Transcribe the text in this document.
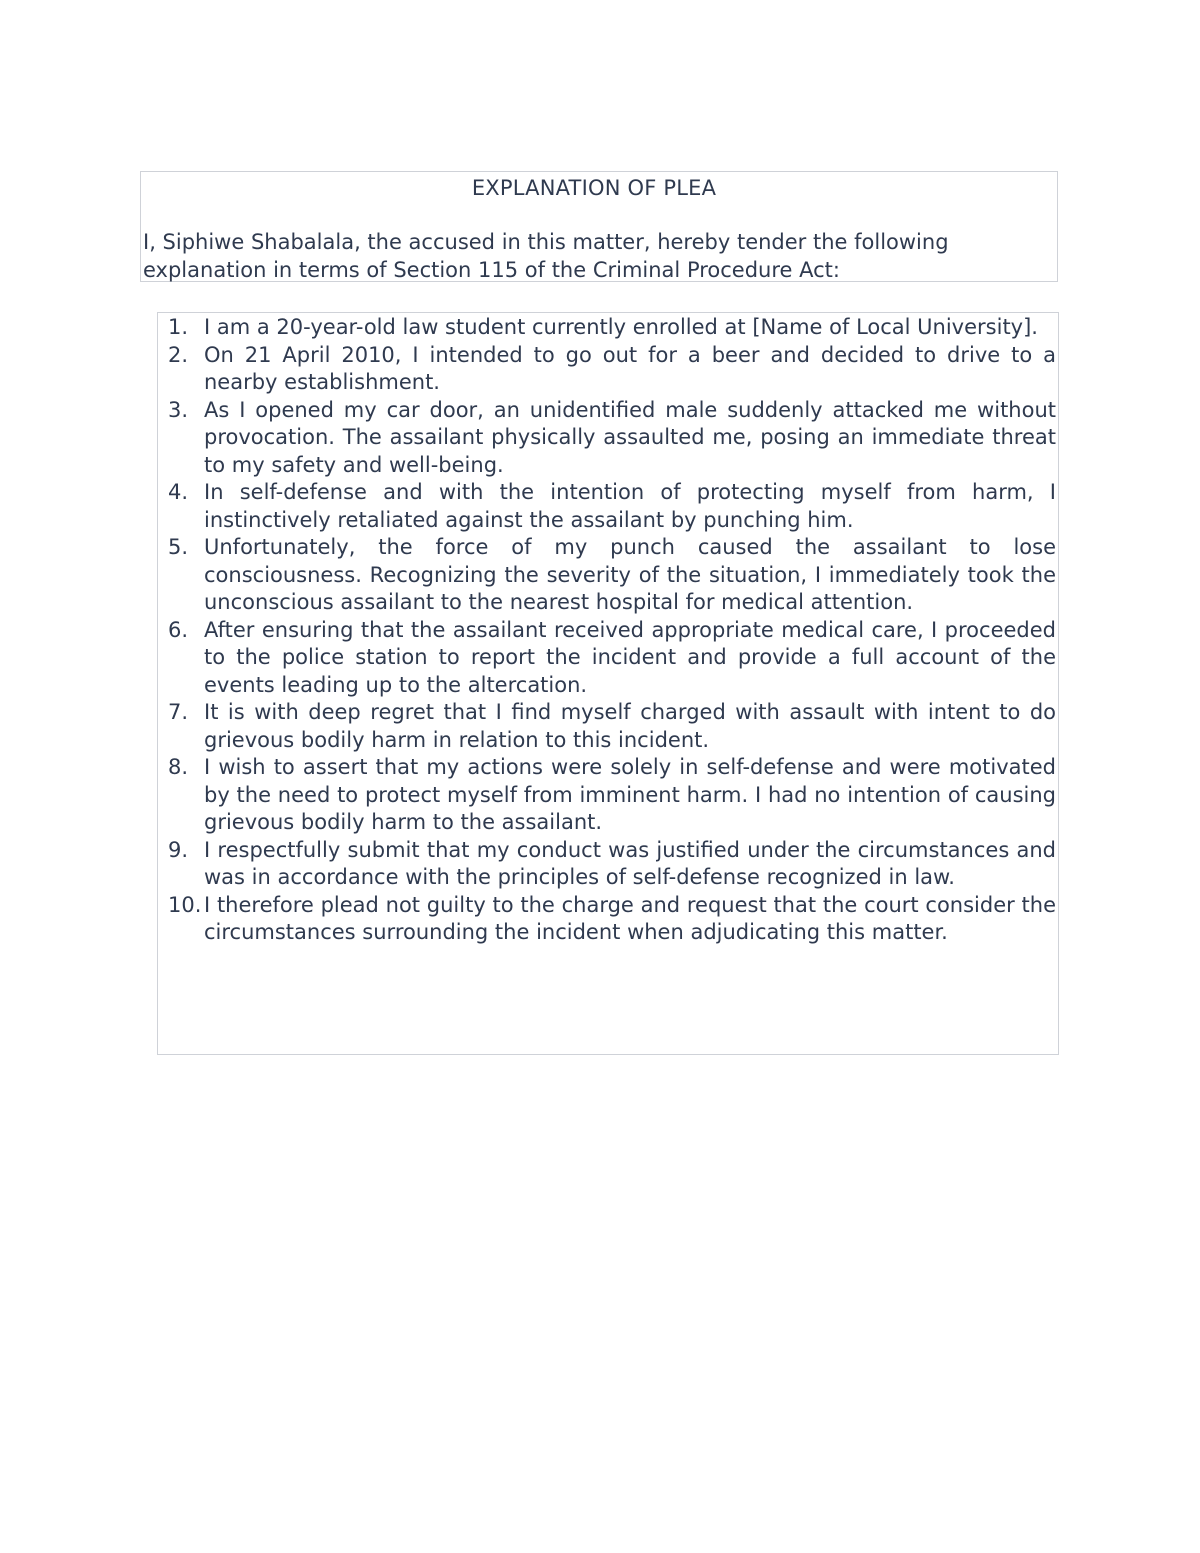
EXPLANATION OF PLEA

I, Siphiwe Shabalala, the accused in this matter, hereby tender the following explanation in terms of Section 115 of the Criminal Procedure Act:

1. I am a 20-year-old law student currently enrolled at [Name of Local University].
2. On 21 April 2010, I intended to go out for a beer and decided to drive to a nearby establishment.
3. As I opened my car door, an unidentified male suddenly attacked me without provocation. The assailant physically assaulted me, posing an immediate threat to my safety and well-being.
4. In self-defense and with the intention of protecting myself from harm, I instinctively retaliated against the assailant by punching him.
5. Unfortunately, the force of my punch caused the assailant to lose consciousness. Recognizing the severity of the situation, I immediately took the unconscious assailant to the nearest hospital for medical attention.
6. After ensuring that the assailant received appropriate medical care, I proceeded to the police station to report the incident and provide a full account of the events leading up to the altercation.
7. It is with deep regret that I find myself charged with assault with intent to do grievous bodily harm in relation to this incident.
8. I wish to assert that my actions were solely in self-defense and were motivated by the need to protect myself from imminent harm. I had no intention of causing grievous bodily harm to the assailant.
9. I respectfully submit that my conduct was justified under the circumstances and was in accordance with the principles of self-defense recognized in law.
10. I therefore plead not guilty to the charge and request that the court consider the circumstances surrounding the incident when adjudicating this matter.
